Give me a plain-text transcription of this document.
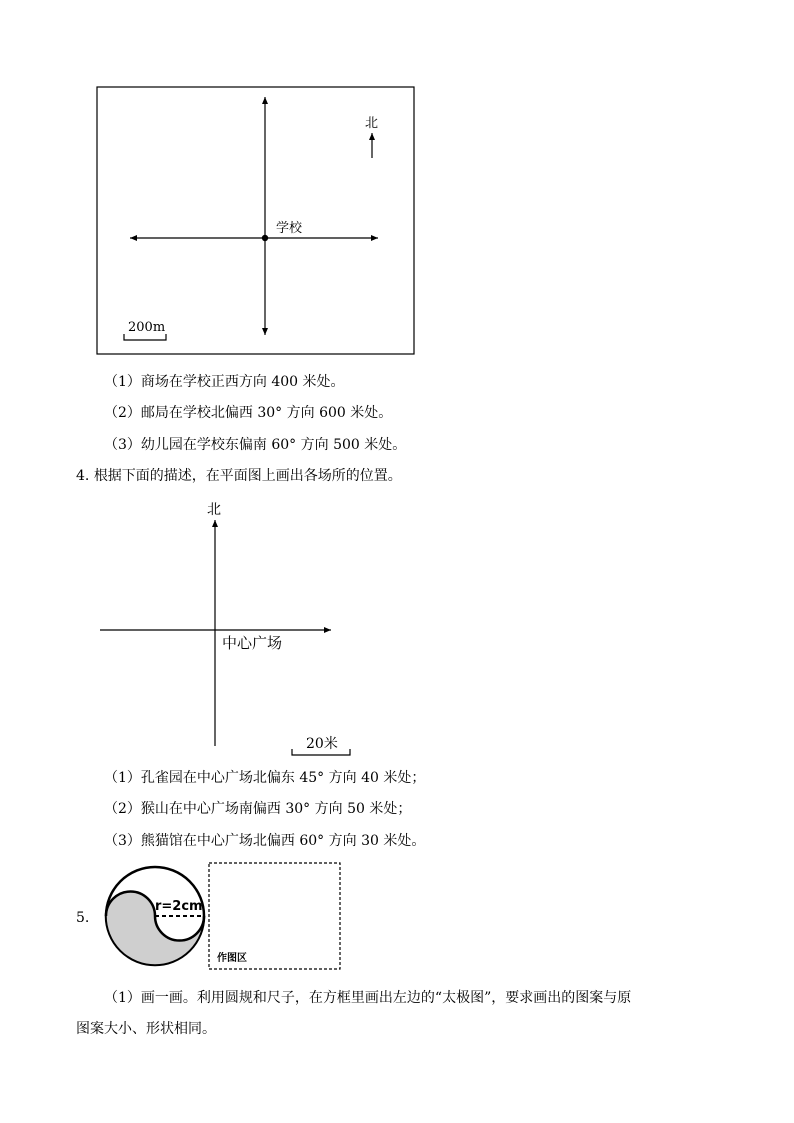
学校
北
200m
（1）商场在学校正西方向 400 米处。
（2）邮局在学校北偏西 30° 方向 600 米处。
（3）幼儿园在学校东偏南 60° 方向 500 米处。
4. 根据下面的描述，在平面图上画出各场所的位置。
北
中心广场
20米
（1）孔雀园在中心广场北偏东 45° 方向 40 米处；
（2）猴山在中心广场南偏西 30° 方向 50 米处；
（3）熊猫馆在中心广场北偏西 60° 方向 30 米处。
5.
r=2cm
作图区
（1）画一画。利用圆规和尺子，在方框里画出左边的“太极图”，要求画出的图案与原
图案大小、形状相同。
